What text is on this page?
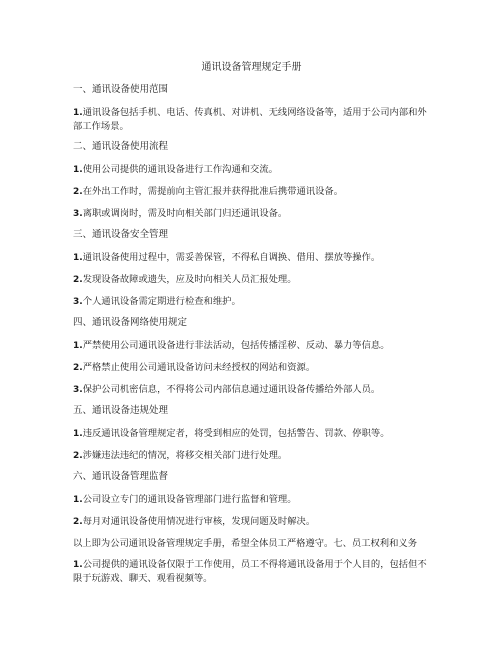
通讯设备管理规定手册
一、通讯设备使用范围
1.通讯设备包括手机、电话、传真机、对讲机、无线网络设备等，适用于公司内部和外部工作场景。
二、通讯设备使用流程
1.使用公司提供的通讯设备进行工作沟通和交流。
2.在外出工作时，需提前向主管汇报并获得批准后携带通讯设备。
3.离职或调岗时，需及时向相关部门归还通讯设备。
三、通讯设备安全管理
1.通讯设备使用过程中，需妥善保管，不得私自调换、借用、摆放等操作。
2.发现设备故障或遗失，应及时向相关人员汇报处理。
3.个人通讯设备需定期进行检查和维护。
四、通讯设备网络使用规定
1.严禁使用公司通讯设备进行非法活动，包括传播淫秽、反动、暴力等信息。
2.严格禁止使用公司通讯设备访问未经授权的网站和资源。
3.保护公司机密信息，不得将公司内部信息通过通讯设备传播给外部人员。
五、通讯设备违规处理
1.违反通讯设备管理规定者，将受到相应的处罚，包括警告、罚款、停职等。
2.涉嫌违法违纪的情况，将移交相关部门进行处理。
六、通讯设备管理监督
1.公司设立专门的通讯设备管理部门进行监督和管理。
2.每月对通讯设备使用情况进行审核，发现问题及时解决。
以上即为公司通讯设备管理规定手册，希望全体员工严格遵守。七、员工权利和义务
1.公司提供的通讯设备仅限于工作使用，员工不得将通讯设备用于个人目的，包括但不限于玩游戏、聊天、观看视频等。
